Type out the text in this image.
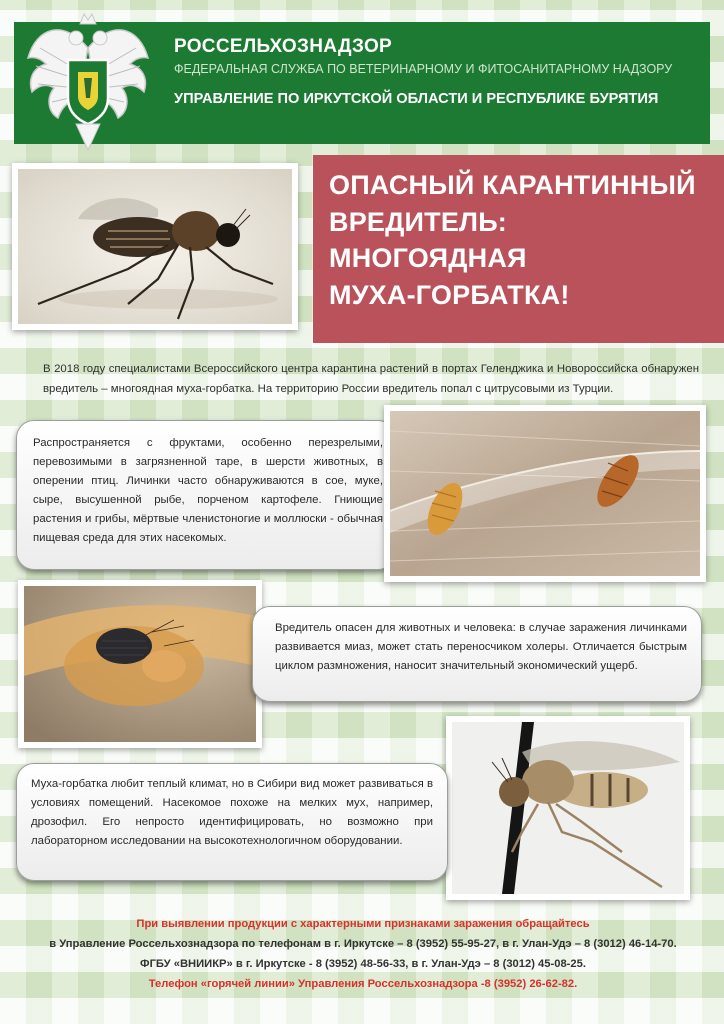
РОССЕЛЬХОЗНАДЗОР
ФЕДЕРАЛЬНАЯ СЛУЖБА ПО ВЕТЕРИНАРНОМУ И ФИТОСАНИТАРНОМУ НАДЗОРУ
УПРАВЛЕНИЕ ПО ИРКУТСКОЙ ОБЛАСТИ И РЕСПУБЛИКЕ БУРЯТИЯ
ОПАСНЫЙ КАРАНТИННЫЙ
ВРЕДИТЕЛЬ:
МНОГОЯДНАЯ
МУХА-ГОРБАТКА!
В 2018 году специалистами Всероссийского центра карантина растений в портах Геленджика и Новороссийска обнаружен вредитель – многоядная муха-горбатка. На территорию России вредитель попал с цитрусовыми из Турции.
Распространяется с фруктами, особенно перезрелыми, перевозимыми в загрязненной таре, в шерсти животных, в оперении птиц. Личинки часто обнаруживаются в сое, муке, сыре, высушенной рыбе, порченом картофеле. Гниющие растения и грибы, мёртвые членистоногие и моллюски - обычная пищевая среда для этих насекомых.
Вредитель опасен для животных и человека: в случае заражения личинками развивается миаз, может стать переносчиком холеры. Отличается быстрым циклом размножения, наносит значительный экономический ущерб.
Муха-горбатка любит теплый климат, но в Сибири вид может развиваться в условиях помещений. Насекомое похоже на мелких мух, например, дрозофил. Его непросто идентифицировать, но возможно при лабораторном исследовании на высокотехнологичном оборудовании.
При выявлении продукции с характерными признаками заражения обращайтесь
в Управление Россельхознадзора по телефонам в г. Иркутске – 8 (3952) 55-95-27, в г. Улан-Удэ – 8 (3012) 46-14-70.
ФГБУ «ВНИИКР» в г. Иркутске - 8 (3952) 48-56-33, в г. Улан-Удэ – 8 (3012) 45-08-25.
Телефон «горячей линии» Управления Россельхознадзора -8 (3952) 26-62-82.
